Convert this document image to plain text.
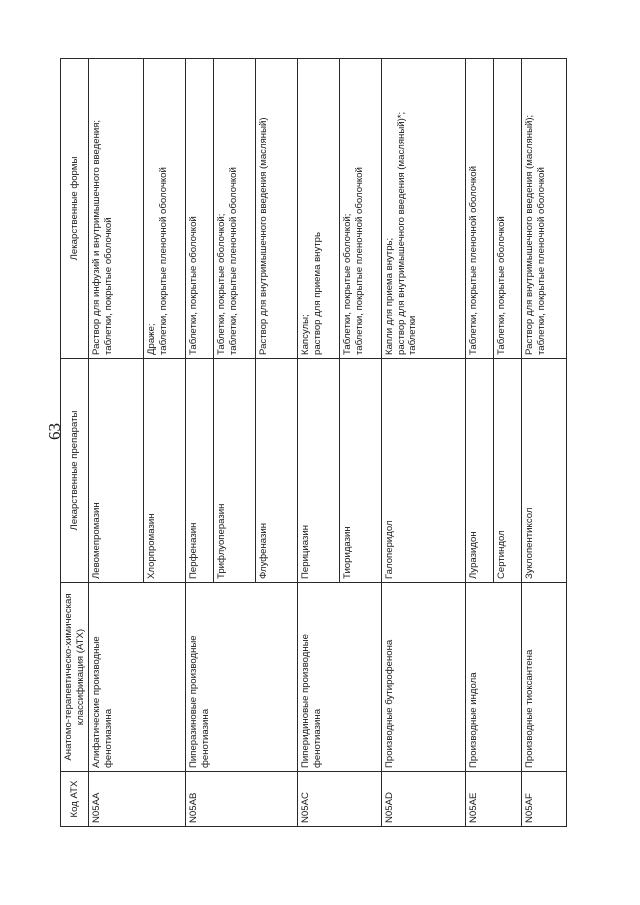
63
Код АТХ	Анатомо-терапевтическо-химическая классификация (АТХ)	Лекарственные препараты	Лекарственные формы
N05AA	Алифатические производные фенотиазина	Левомепромазин	Раствор для инфузий и внутримышечного введения; таблетки, покрытые оболочкой

		Хлорпромазин	Драже; таблетки, покрытые пленочной оболочкой

N05AB	Пиперазиновые производные фенотиазина	Перфеназин	Таблетки, покрытые оболочкой

		Трифлуоперазин	Таблетки, покрытые оболочкой; таблетки, покрытые пленочной оболочкой

		Флуфеназин	Раствор для внутримышечного введения (масляный)

N05AC	Пиперидиновые производные фенотиазина	Перициазин	Капсулы; раствор для приема внутрь

		Тиоридазин	Таблетки, покрытые оболочкой; таблетки, покрытые пленочной оболочкой

N05AD	Производные бутирофенона	Галоперидол	Капли для приема внутрь; раствор для внутримышечного введения (масляный)*; таблетки

N05AE	Производные индола	Луразидон	Таблетки, покрытые пленочной оболочкой

		Сертиндол	Таблетки, покрытые оболочкой

N05AF	Производные тиоксантена	Зуклопентиксол	Раствор для внутримышечного введения (масляный); таблетки, покрытые пленочной оболочкой
